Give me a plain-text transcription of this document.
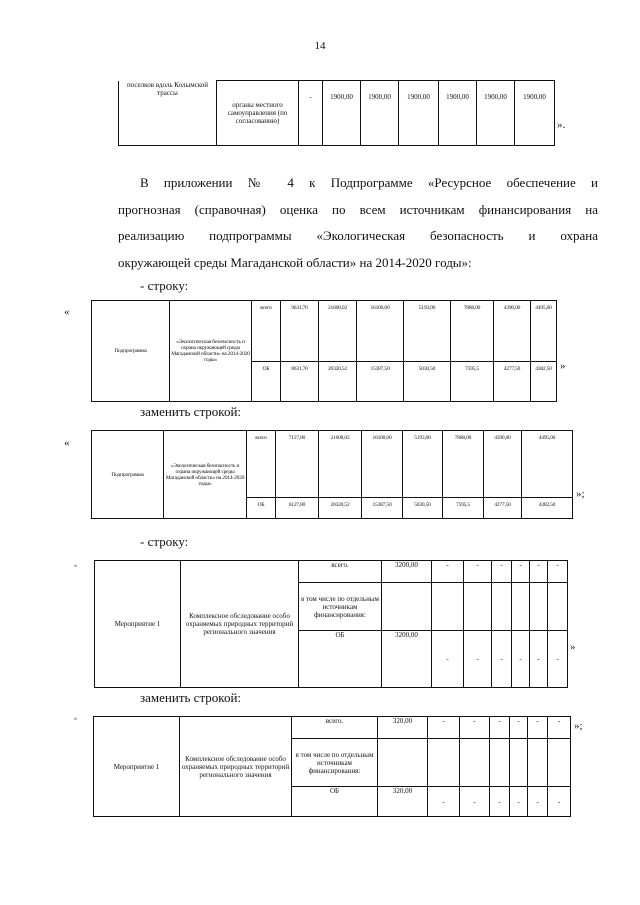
14
поселков вдоль Колымской трассы	органы местного самоуправления (по согласованию)	-	1900,00	1900,00	1900,00	1900,00	1900,00	1900,00
».

В приложении № 4 к Подпрограмме «Ресурсное обеспечение и

прогнозная (справочная) оценка по всем источникам финансирования на

реализацию подпрограммы «Экологическая безопасность и охрана

окружающей среды Магаданской области» на 2014-2020 годы»:

- строку:
«
Подпрограмма	«Экологическая безопасность и охрана окружающей среды Магаданской области» на 2014-2020 годы»	всего	9631,70	21608,02	16100,00	5193,00	7888,00	4390,00	4495,00
		ОБ	8631,70	20320,52	15387,50	5030,50	7595,5	4277,50	4382,50 »
заменить строкой:
«
Подпрограмма	«Экологическая безопасность и охрана окружающей среды Магаданской области» на 2014-2020 годы»	всего	7127,80	21608,02	16100,00	5193,00	7888,00	4390,00	4495,00
		ОБ	6127,80	20320,52	15387,50	5030,50	7595,5	4277,50	4382,50
»;
- строку:
«
Мероприятие 1	Комплексное обследование особо охраняемых природных территорий регионального значения	всего.	3200,00	-	-	-	-	-	-
		в том числе по отдельным источникам финансирования:							
		ОБ	3200,00	-	-	-	-	-	-
»
заменить строкой:
«
Мероприятие 1	Комплексное обследование особо охраняемых природных территорий регионального значения	всего.	320,00	-	-	-	-	-	-
		в том числе по отдельным источникам финансирования:							
		ОБ	320,00	-	-	-	-	-	-
»;
